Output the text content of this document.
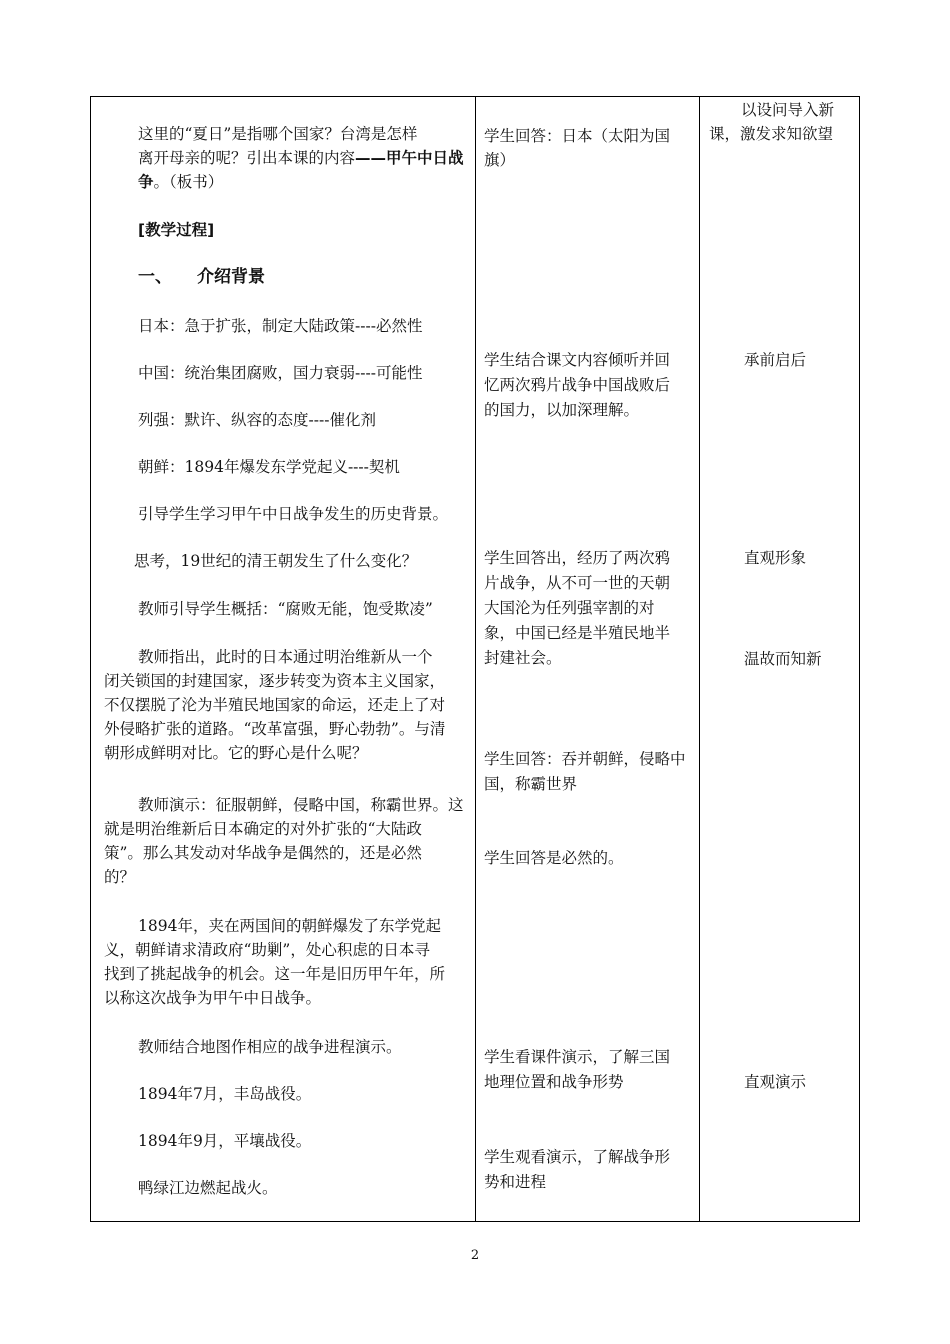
这里的“夏日”是指哪个国家？台湾是怎样
离开母亲的呢？引出本课的内容——甲午中日战
争。（板书）
[教学过程]
一、 介绍背景
日本：急于扩张，制定大陆政策----必然性
中国：统治集团腐败，国力衰弱----可能性
列强：默许、纵容的态度----催化剂
朝鲜：1894年爆发东学党起义----契机
引导学生学习甲午中日战争发生的历史背景。
思考，19世纪的清王朝发生了什么变化？
教师引导学生概括：“腐败无能，饱受欺凌”
教师指出，此时的日本通过明治维新从一个
闭关锁国的封建国家，逐步转变为资本主义国家，
不仅摆脱了沦为半殖民地国家的命运，还走上了对
外侵略扩张的道路。“改革富强，野心勃勃”。与清
朝形成鲜明对比。它的野心是什么呢？
教师演示：征服朝鲜，侵略中国，称霸世界。这
就是明治维新后日本确定的对外扩张的“大陆政
策”。那么其发动对华战争是偶然的，还是必然
的？
1894年，夹在两国间的朝鲜爆发了东学党起
义，朝鲜请求清政府“助剿”，处心积虑的日本寻
找到了挑起战争的机会。这一年是旧历甲午年，所
以称这次战争为甲午中日战争。
教师结合地图作相应的战争进程演示。
1894年7月，丰岛战役。
1894年9月，平壤战役。
鸭绿江边燃起战火。
学生回答：日本（太阳为国
旗）
学生结合课文内容倾听并回
忆两次鸦片战争中国战败后
的国力，以加深理解。
学生回答出，经历了两次鸦
片战争，从不可一世的天朝
大国沦为任列强宰割的对
象，中国已经是半殖民地半
封建社会。
学生回答：吞并朝鲜，侵略中
国，称霸世界
学生回答是必然的。
学生看课件演示，了解三国
地理位置和战争形势
学生观看演示，了解战争形
势和进程
以设问导入新
课，激发求知欲望
承前启后
直观形象
温故而知新
直观演示
2
